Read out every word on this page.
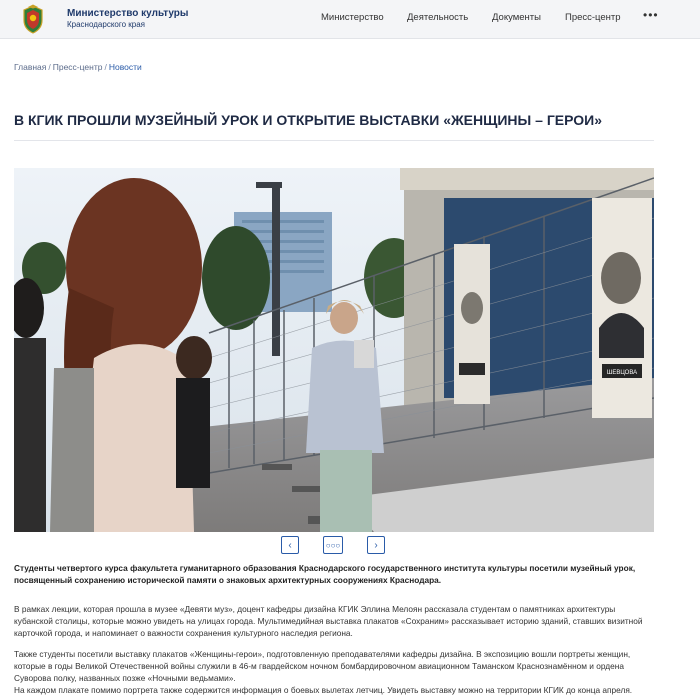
Министерство культуры
Краснодарского края
Министерство Деятельность	Документы	Пресс-центр •••
Главная / Пресс-центр / Новости
В КГИК ПРОШЛИ МУЗЕЙНЫЙ УРОК И ОТКРЫТИЕ ВЫСТАВКИ «ЖЕНЩИНЫ – ГЕРОИ»
ШЕВЦОВА
‹	○○○	›

Студенты четвертого курса факультета гуманитарного образования Краснодарского государственного института культуры посетили музейный урок, посвященный сохранению исторической памяти о знаковых архитектурных сооружениях Краснодара.

В рамках лекции, которая прошла в музее «Девяти муз», доцент кафедры дизайна КГИК Эллина Мелоян рассказала студентам о памятниках архитектуры кубанской столицы, которые можно увидеть на улицах города. Мультимедийная выставка плакатов «Сохраним» рассказывает историю зданий, ставших визитной карточкой города, и напоминает о важности сохранения культурного наследия региона.

Также студенты посетили выставку плакатов «Женщины-герои», подготовленную преподавателями кафедры дизайна. В экспозицию вошли портреты женщин, которые в годы Великой Отечественной войны служили в 46-м гвардейском ночном бомбардировочном авиационном Таманском Краснознамённом и ордена Суворова полку, названных позже «Ночными ведьмами».

На каждом плакате помимо портрета также содержится информация о боевых вылетах летчиц. Увидеть выставку можно на территории КГИК до конца апреля.
